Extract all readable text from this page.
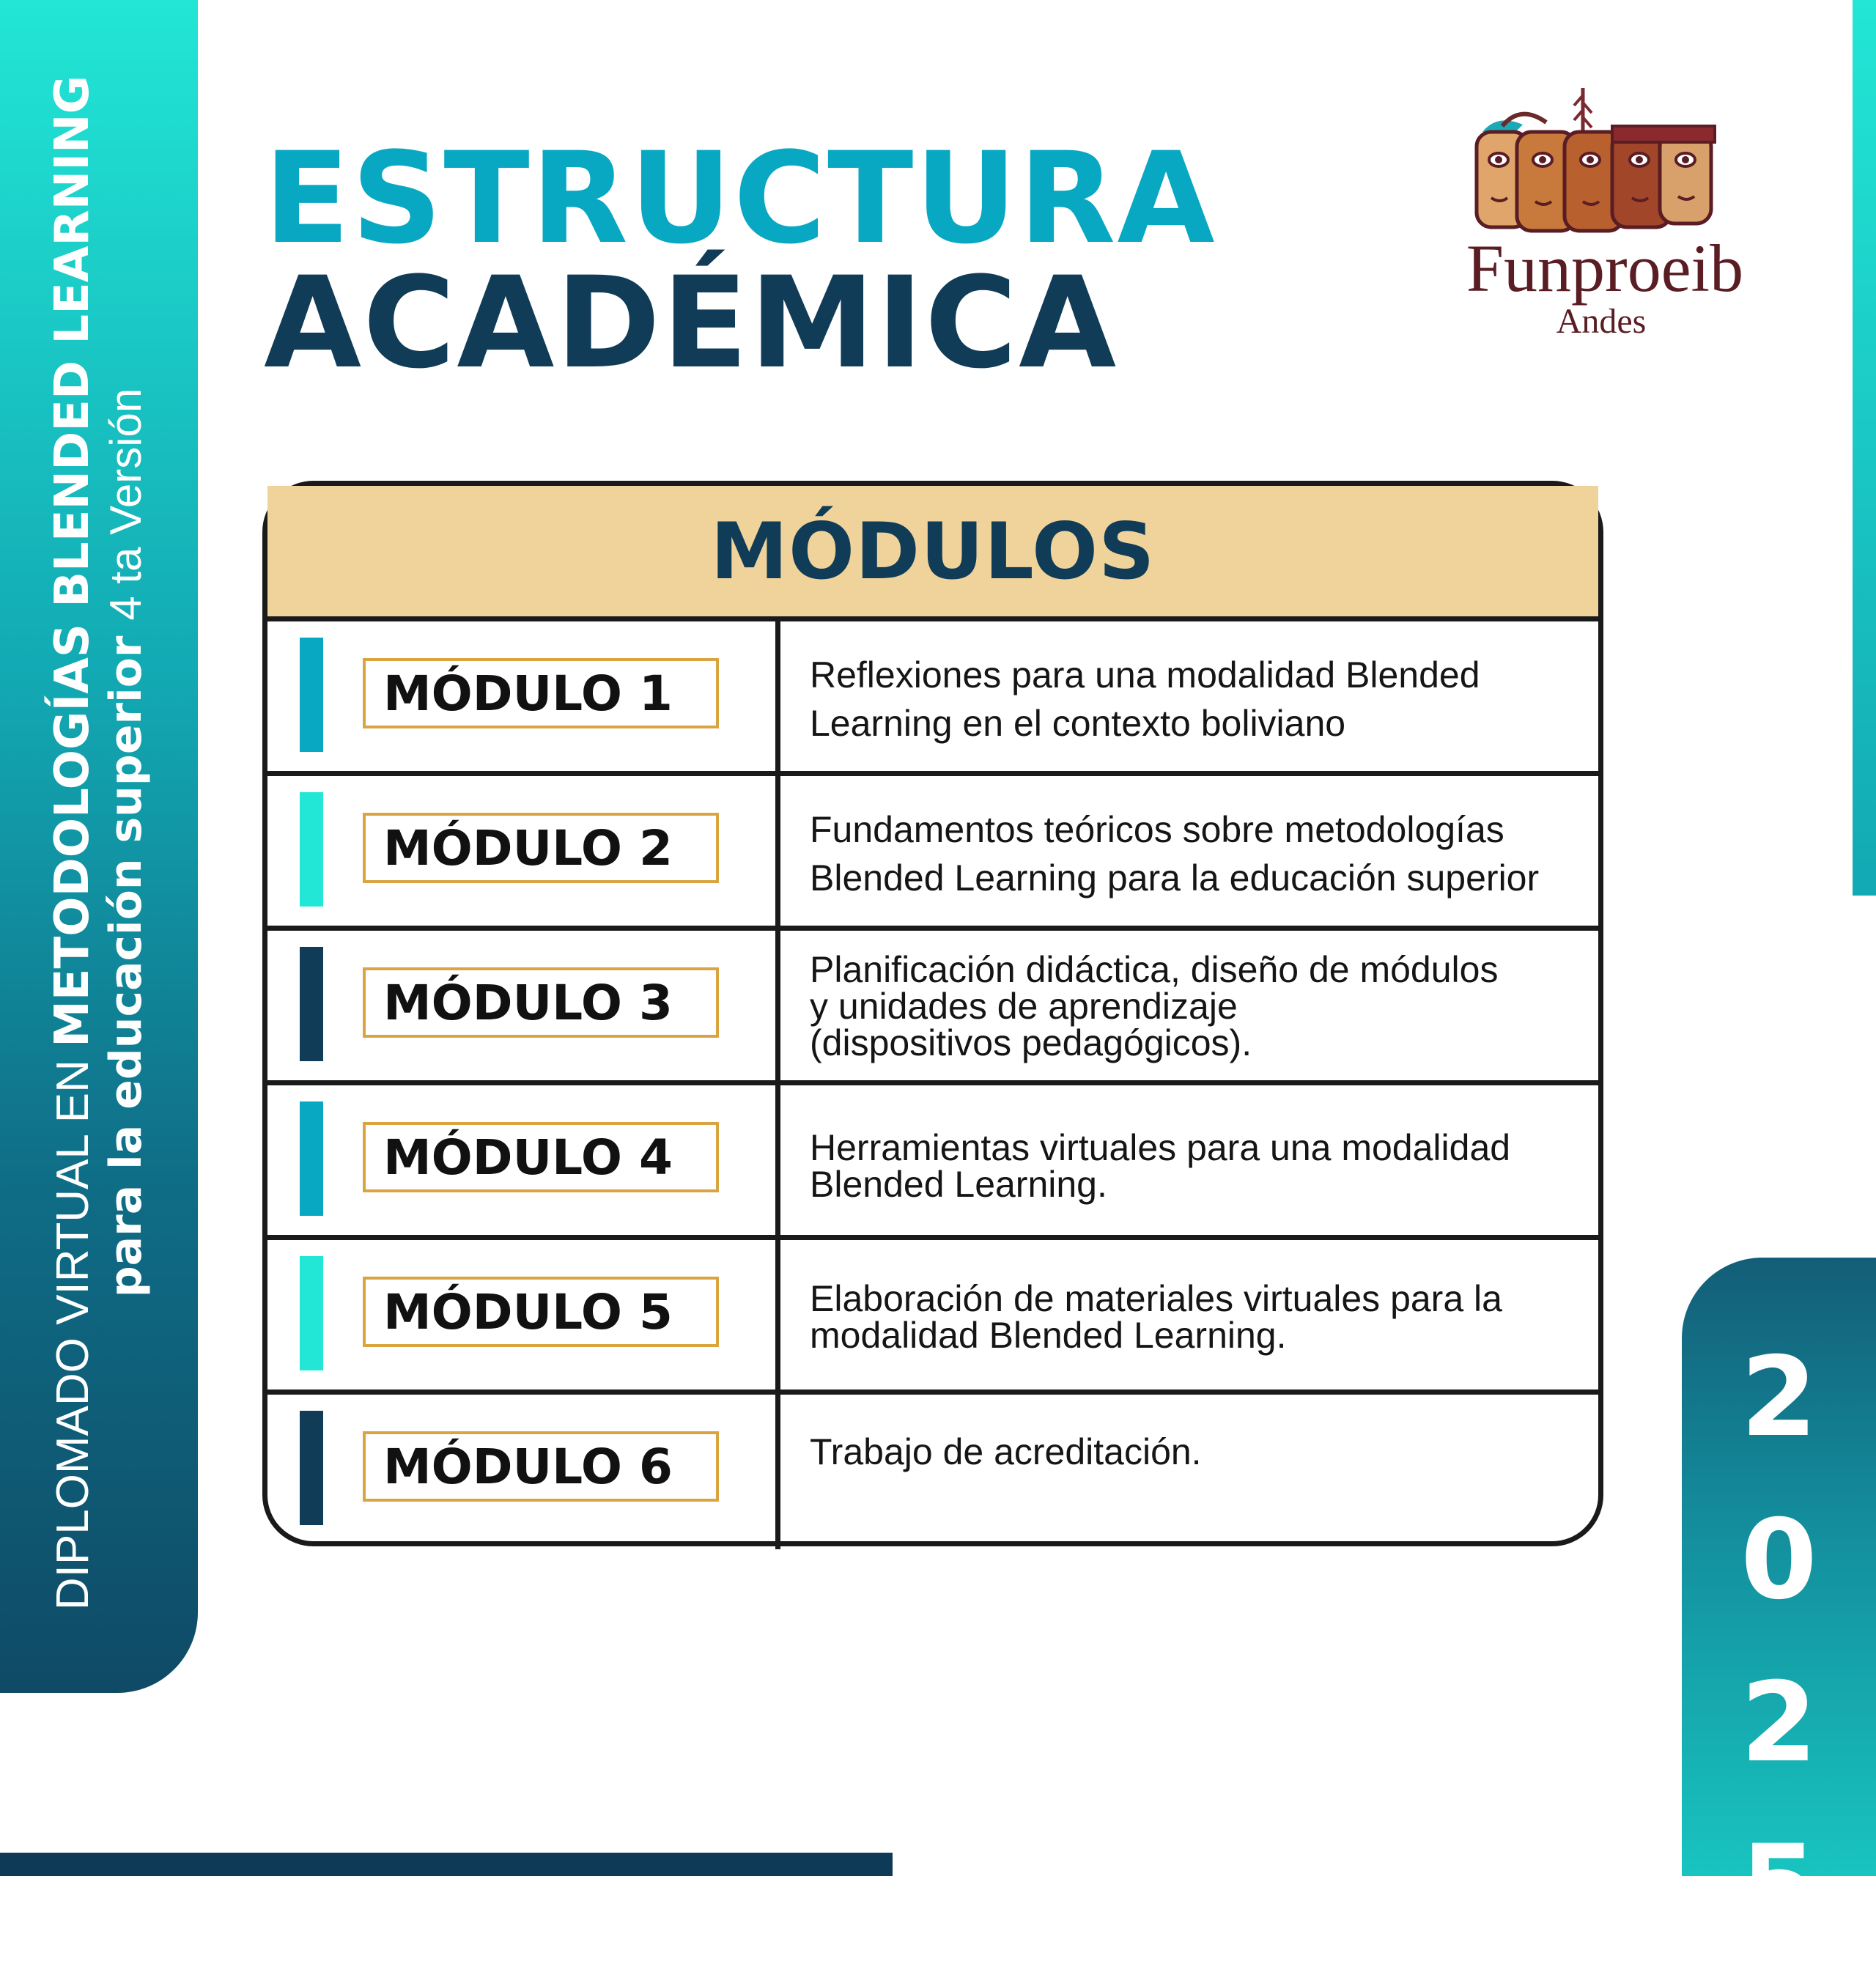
DIPLOMADO VIRTUAL EN METODOLOGÍAS BLENDED LEARNING para la educación superior 4 ta Versión
ESTRUCTURA
ACADÉMICA	Funproeib
Andes
MÓDULOS
MÓDULO 1	Reflexiones para una modalidad Blended
Learning en el contexto boliviano
MÓDULO 2	Fundamentos teóricos sobre metodologías
Blended Learning para la educación superior
MÓDULO 3
Planificación didáctica, diseño de módulos
y unidades de aprendizaje
(dispositivos pedagógicos).
MÓDULO 4	Herramientas virtuales para una modalidad
Blended Learning.
MÓDULO 5	Elaboración de materiales virtuales para la
modalidad Blended Learning.
MÓDULO 6	Trabajo de acreditación.	2
0
2
5
